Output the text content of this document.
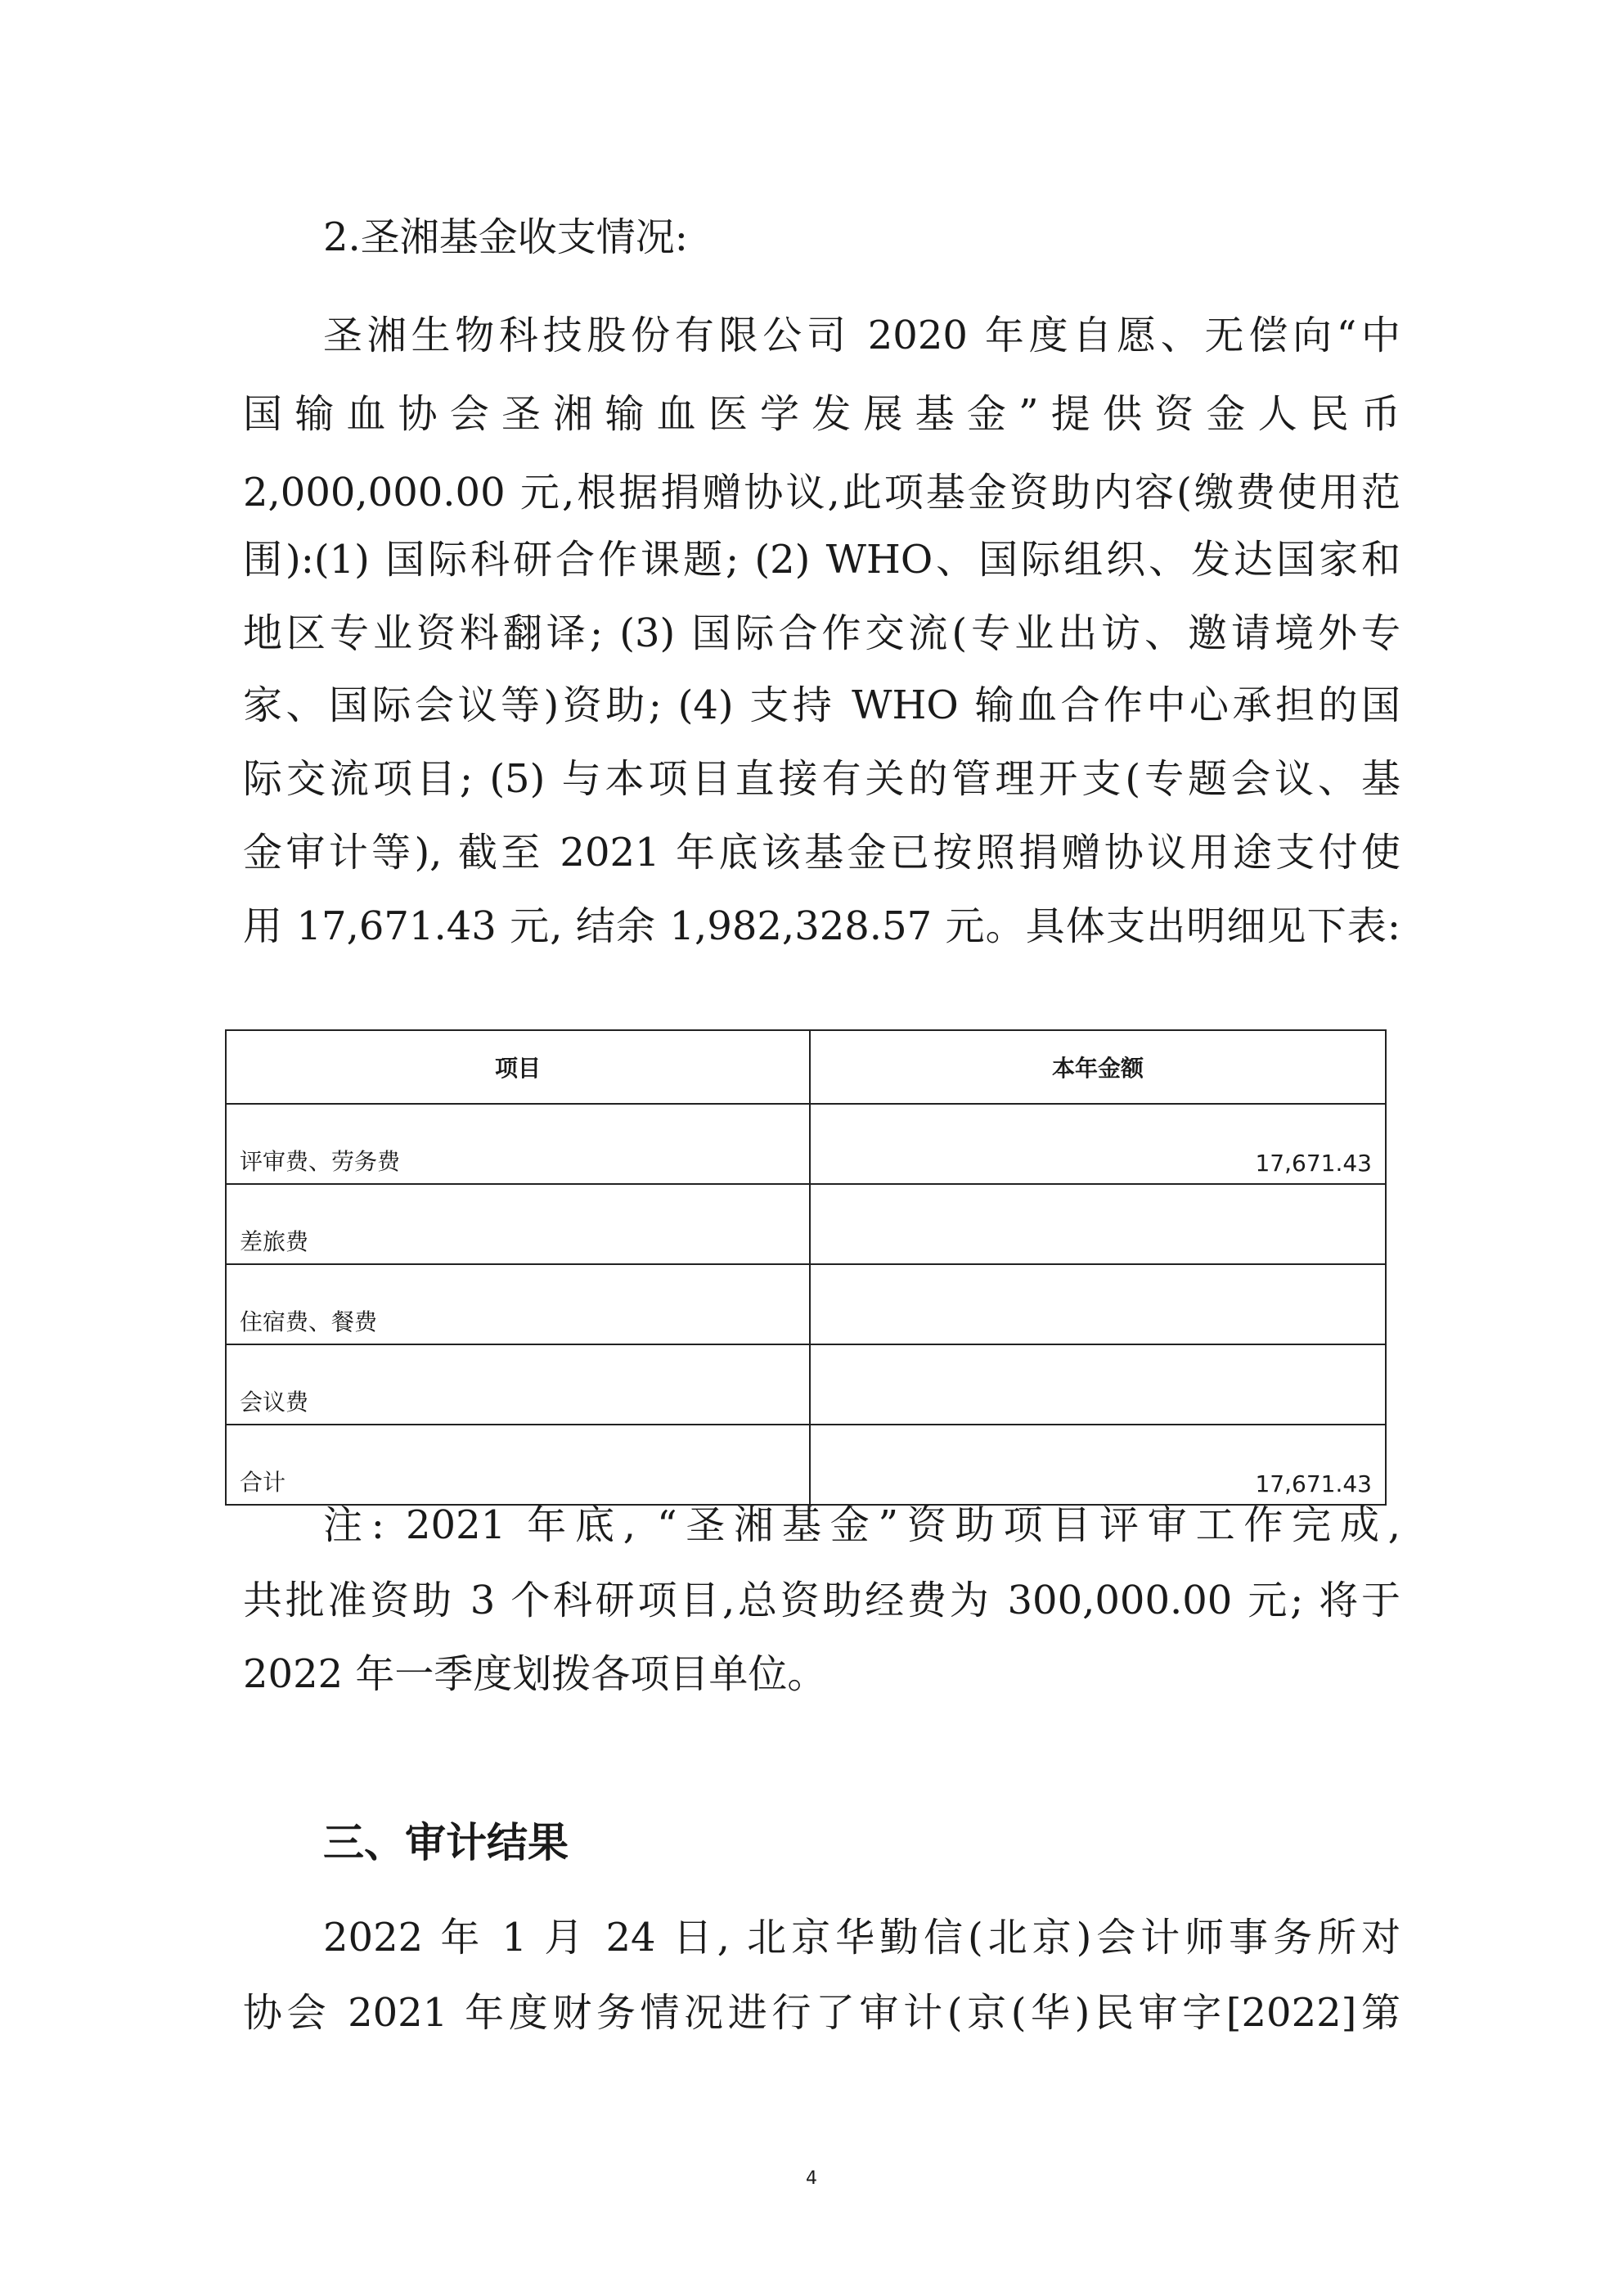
2.圣湘基金收支情况:
圣湘生物科技股份有限公司 2020 年度自愿、无偿向“中
国输血协会圣湘输血医学发展基金”提供资金人民币
2,000,000.00 元,根据捐赠协议,此项基金资助内容(缴费使用范
围):(1) 国际科研合作课题; (2) WHO、国际组织、发达国家和
地区专业资料翻译; (3) 国际合作交流(专业出访、邀请境外专
家、国际会议等)资助; (4) 支持 WHO 输血合作中心承担的国
际交流项目; (5) 与本项目直接有关的管理开支(专题会议、基
金审计等), 截至 2021 年底该基金已按照捐赠协议用途支付使
用 17,671.43 元, 结余 1,982,328.57 元。具体支出明细见下表:
项目	本年金额
评审费、劳务费	17,671.43
差旅费	
住宿费、餐费	
会议费	
合计	17,671.43
注: 2021 年底, “圣湘基金”资助项目评审工作完成,
共批准资助 3 个科研项目,总资助经费为 300,000.00 元; 将于
2022 年一季度划拨各项目单位。
三、审计结果
2022 年 1 月 24 日, 北京华勤信(北京)会计师事务所对
协会 2021 年度财务情况进行了审计(京(华)民审字[2022]第
4
